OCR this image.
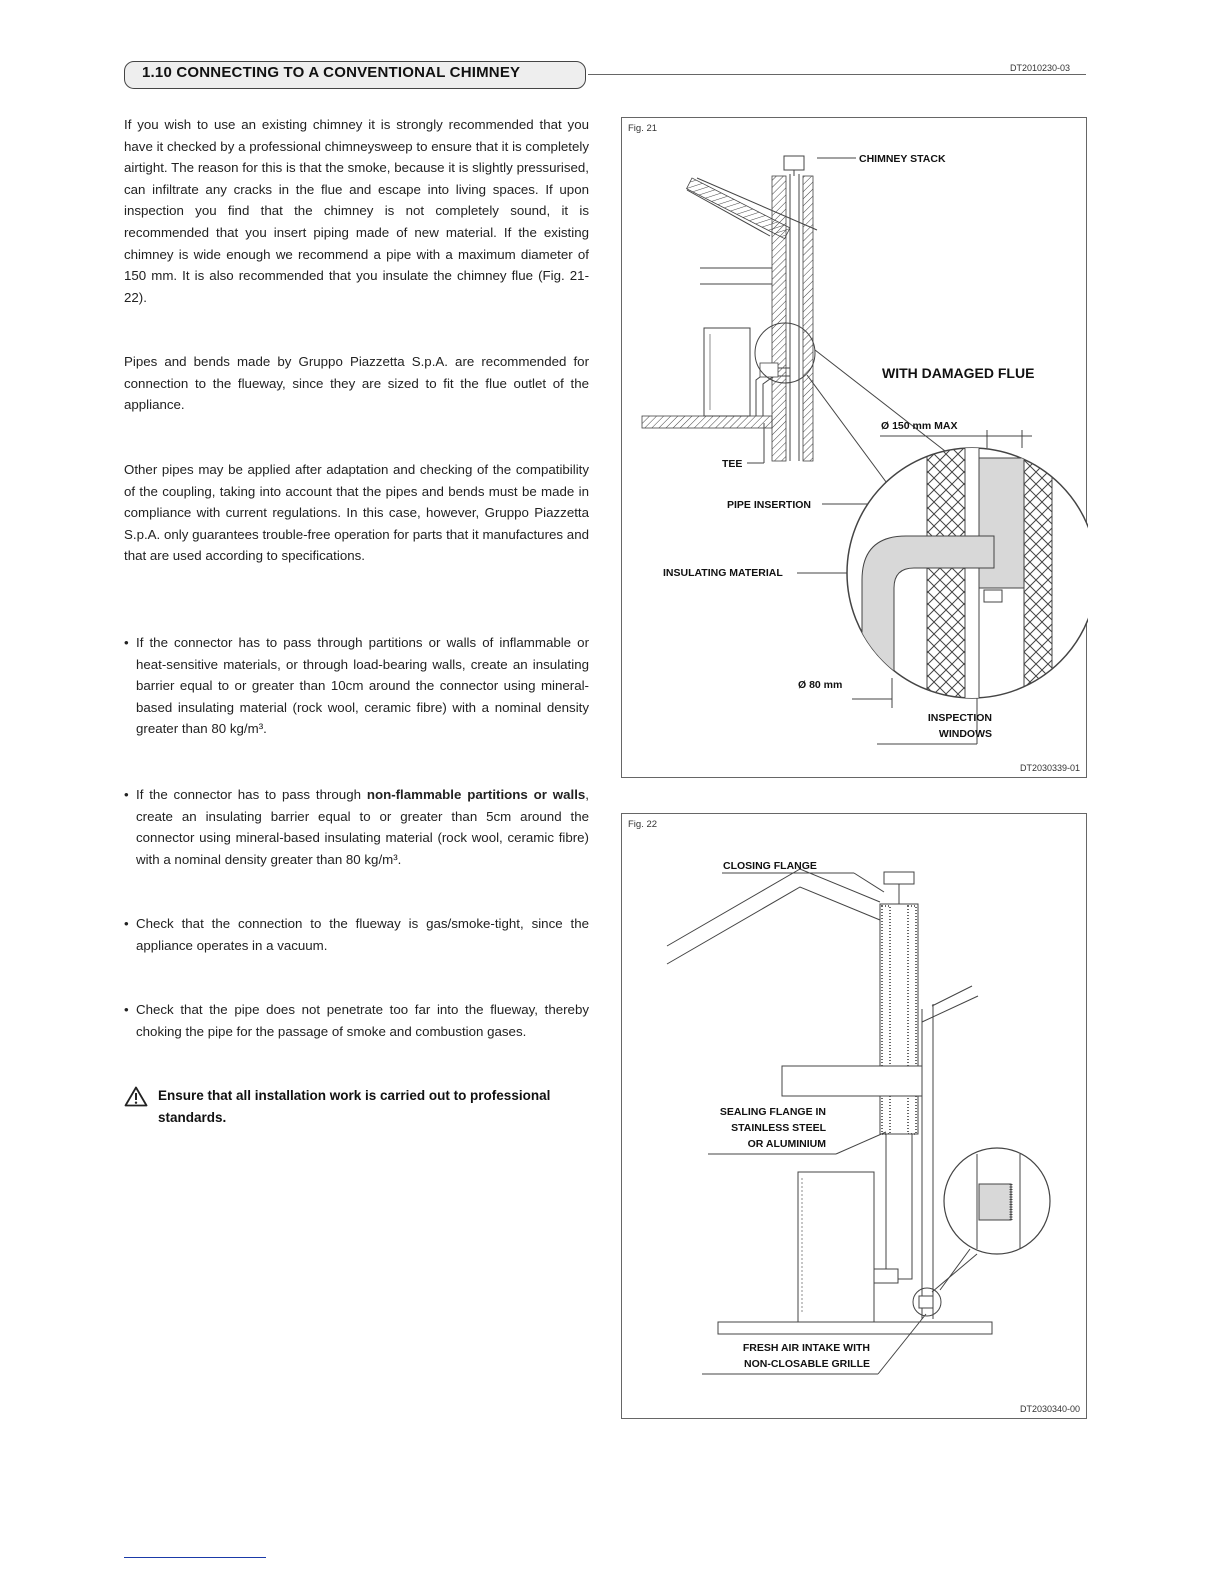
1.10 CONNECTING TO A CONVENTIONAL CHIMNEY	DT2010230-03

If you wish to use an existing chimney it is strongly recommended that you have it checked by a professional chimneysweep to ensure that it is completely airtight. The reason for this is that the smoke, because it is slightly pressurised, can infiltrate any cracks in the flue and escape into living spaces. If upon inspection you find that the chimney is not completely sound, it is recommended that you insert piping made of new material. If the existing chimney is wide enough we recommend a pipe with a maximum diameter of 150 mm. It is also recommended that you insulate the chimney flue (Fig. 21-22).

Pipes and bends made by Gruppo Piazzetta S.p.A. are recommended for connection to the flueway, since they are sized to fit the flue outlet of the appliance.

Other pipes may be applied after adaptation and checking of the compatibility of the coupling, taking into account that the pipes and bends must be made in compliance with current regulations. In this case, however, Gruppo Piazzetta S.p.A. only guarantees trouble-free operation for parts that it manufactures and that are used according to specifications.

• If the connector has to pass through partitions or walls of inflammable or heat-sensitive materials, or through load-bearing walls, create an insulating barrier equal to or greater than 10cm around the connector using mineral-based insulating material (rock wool, ceramic fibre) with a nominal density greater than 80 kg/m³.
• If the connector has to pass through non-flammable partitions or walls, create an insulating barrier equal to or greater than 5cm around the connector using mineral-based insulating material (rock wool, ceramic fibre) with a nominal density greater than 80 kg/m³.
• Check that the connection to the flueway is gas/smoke-tight, since the appliance operates in a vacuum.
• Check that the pipe does not penetrate too far into the flueway, thereby choking the pipe for the passage of smoke and combustion gases.
Ensure that all installation work is carried out to professional standards.
Fig. 21
DT2030339-01
CHIMNEY STACK
WITH DAMAGED FLUE
Ø 150 mm MAX
TEE
PIPE INSERTION
INSULATING MATERIAL
Ø 80 mm
INSPECTION
WINDOWS
Fig. 22
DT2030340-00
CLOSING FLANGE
SEALING FLANGE IN
STAINLESS STEEL
OR ALUMINIUM
FRESH AIR INTAKE WITH
NON-CLOSABLE GRILLE
